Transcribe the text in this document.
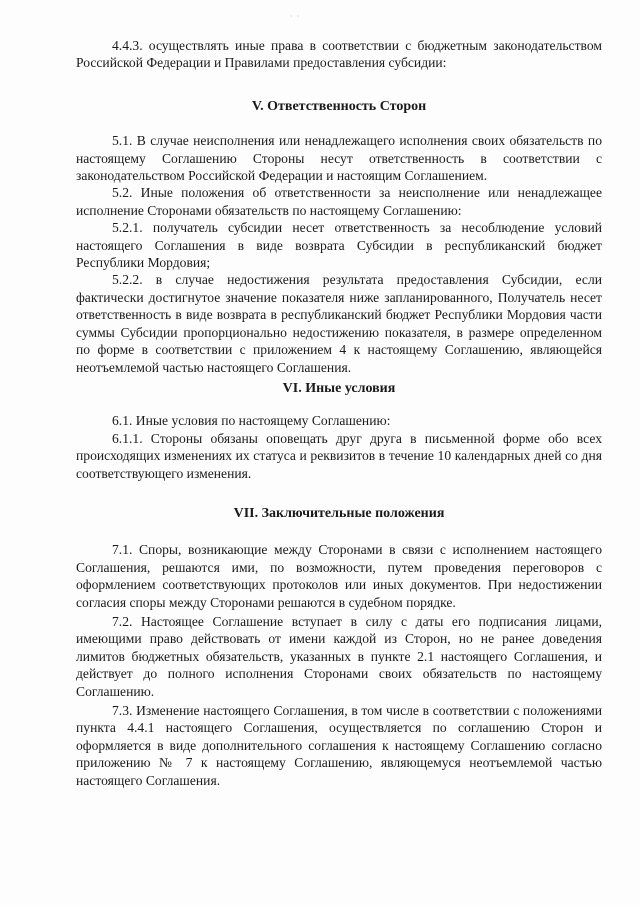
· ·

4.4.3. осуществлять иные права в соответствии с бюджетным законодательством Российской Федерации и Правилами предоставления субсидии:

V. Ответственность Сторон

5.1. В случае неисполнения или ненадлежащего исполнения своих обязательств по настоящему Соглашению Стороны несут ответственность в соответствии с законодательством Российской Федерации и настоящим Соглашением.

5.2. Иные положения об ответственности за неисполнение или ненадлежащее исполнение Сторонами обязательств по настоящему Соглашению:

5.2.1. получатель субсидии несет ответственность за несоблюдение условий настоящего Соглашения в виде возврата Субсидии в республиканский бюджет Республики Мордовия;

5.2.2. в случае недостижения результата предоставления Субсидии, если фактически достигнутое значение показателя ниже запланированного, Получатель несет ответственность в виде возврата в республиканский бюджет Республики Мордовия части суммы Субсидии пропорционально недостижению показателя, в размере определенном по форме в соответствии с приложением 4 к настоящему Соглашению, являющейся неотъемлемой частью настоящего Соглашения.

VI. Иные условия

6.1. Иные условия по настоящему Соглашению:

6.1.1. Стороны обязаны оповещать друг друга в письменной форме обо всех происходящих изменениях их статуса и реквизитов в течение 10 календарных дней со дня соответствующего изменения.

VII. Заключительные положения

7.1. Споры, возникающие между Сторонами в связи с исполнением настоящего Соглашения, решаются ими, по возможности, путем проведения переговоров с оформлением соответствующих протоколов или иных документов. При недостижении согласия споры между Сторонами решаются в судебном порядке.

7.2. Настоящее Соглашение вступает в силу с даты его подписания лицами, имеющими право действовать от имени каждой из Сторон, но не ранее доведения лимитов бюджетных обязательств, указанных в пункте 2.1 настоящего Соглашения, и действует до полного исполнения Сторонами своих обязательств по настоящему Соглашению.

7.3. Изменение настоящего Соглашения, в том числе в соответствии с положениями пункта 4.4.1 настоящего Соглашения, осуществляется по соглашению Сторон и оформляется в виде дополнительного соглашения к настоящему Соглашению согласно приложению № 7 к настоящему Соглашению, являющемуся неотъемлемой частью настоящего Соглашения.
